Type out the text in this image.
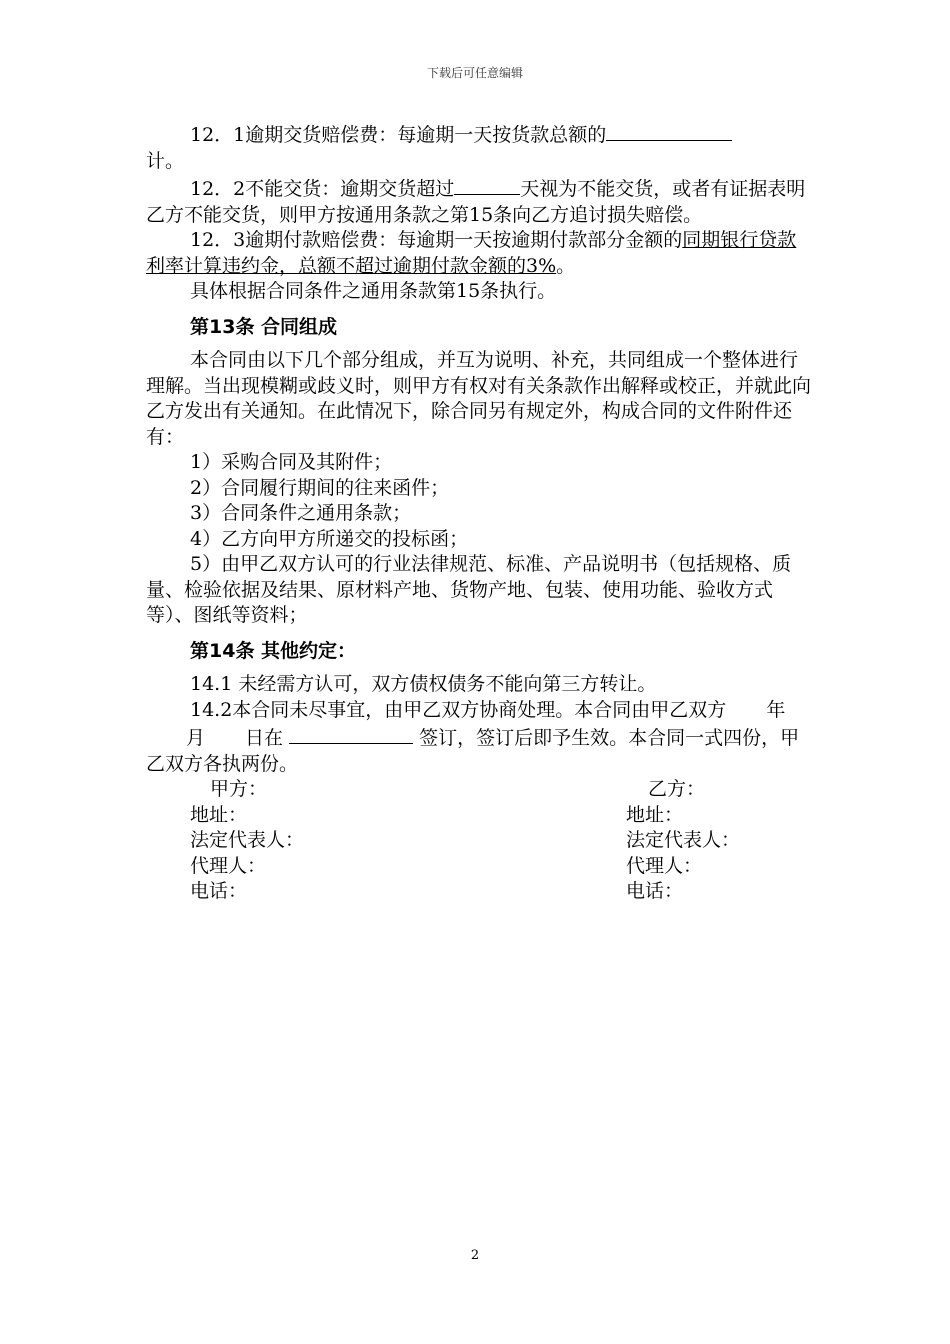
下载后可任意编辑

12．1逾期交货赔偿费：每逾期一天按货款总额的
计。

12．2不能交货：逾期交货超过	天视为不能交货，或者有证据表明乙方不能交货，则甲方按通用条款之第15条向乙方追讨损失赔偿。

12．3逾期付款赔偿费：每逾期一天按逾期付款部分金额的同期银行贷款利率计算违约金，总额不超过逾期付款金额的3%。

具体根据合同条件之通用条款第15条执行。

第13条 合同组成

本合同由以下几个部分组成，并互为说明、补充，共同组成一个整体进行理解。当出现模糊或歧义时，则甲方有权对有关条款作出解释或校正，并就此向乙方发出有关通知。在此情况下，除合同另有规定外，构成合同的文件附件还有：

1）采购合同及其附件；

2）合同履行期间的往来函件；

3）合同条件之通用条款；

4）乙方向甲方所递交的投标函；

5）由甲乙双方认可的行业法律规范、标准、产品说明书（包括规格、质量、检验依据及结果、原材料产地、货物产地、包装、使用功能、验收方式等）、图纸等资料；

第14条 其他约定：

14.1 未经需方认可，双方债权债务不能向第三方转让。

14.2本合同未尽事宜，由甲乙双方协商处理。本合同由甲乙双方 年月 日在	签订，签订后即予生效。本合同一式四份，甲乙双方各执两份。

甲方：	乙方：
地址：	地址：
法定代表人：	法定代表人：
代理人：	代理人：
电话：	电话：
2
